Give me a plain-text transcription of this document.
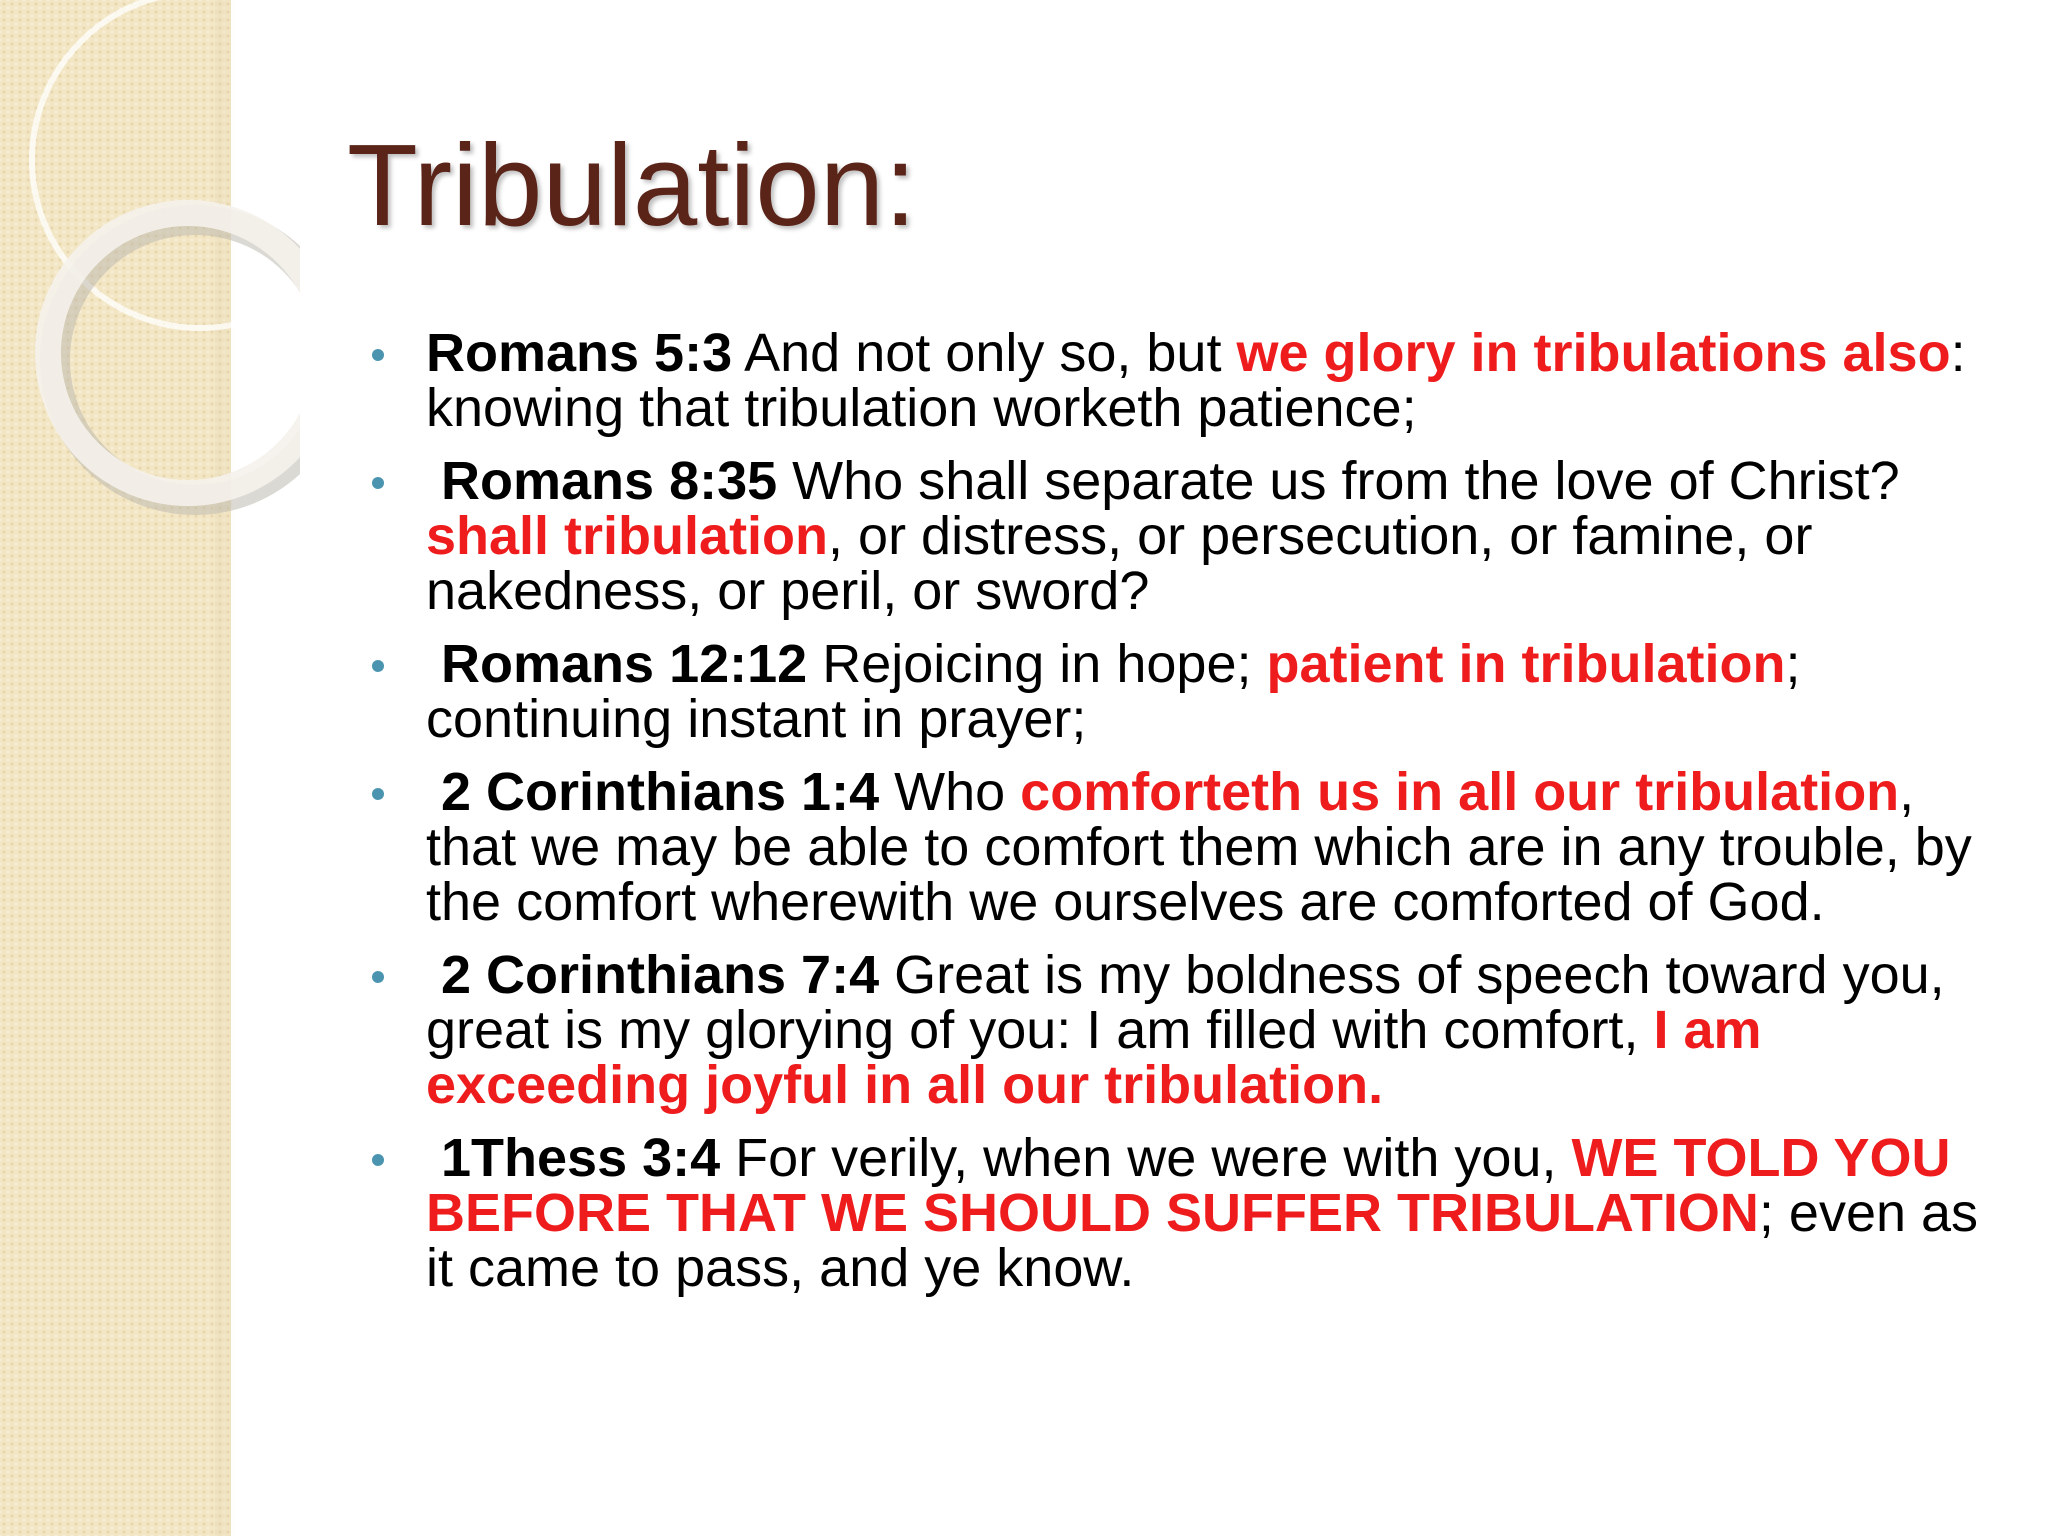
Tribulation:
Romans 5:3 And not only so, but we glory in tribulations also: knowing that tribulation worketh patience;
Romans 8:35 Who shall separate us from the love of Christ? shall tribulation, or distress, or persecution, or famine, or nakedness, or peril, or sword?
Romans 12:12 Rejoicing in hope; patient in tribulation; continuing instant in prayer;
2 Corinthians 1:4 Who comforteth us in all our tribulation, that we may be able to comfort them which are in any trouble, by the comfort wherewith we ourselves are comforted of God.
2 Corinthians 7:4 Great is my boldness of speech toward you, great is my glorying of you: I am filled with comfort, I am exceeding joyful in all our tribulation.
1Thess 3:4 For verily, when we were with you, WE TOLD YOU BEFORE THAT WE SHOULD SUFFER TRIBULATION; even as it came to pass, and ye know.
